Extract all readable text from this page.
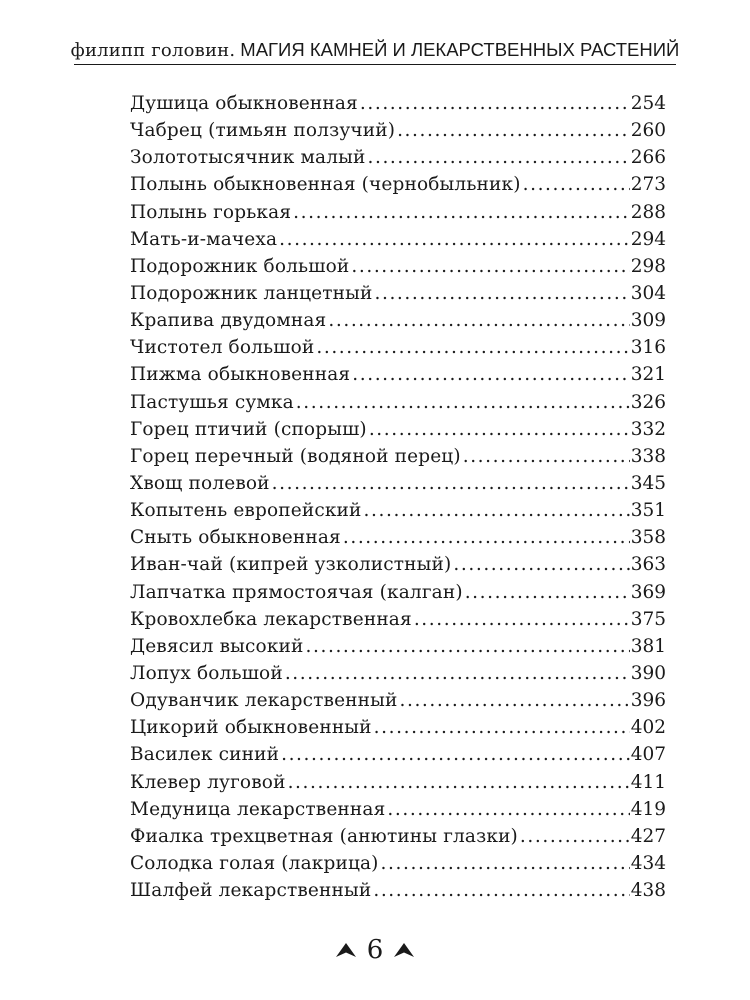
филипп головин. МАГИЯ КАМНЕЙ И ЛЕКАРСТВЕННЫХ РАСТЕНИЙ
Душица обыкновенная .....	254
Чабрец (тимьян ползучий) .....	260
Золототысячник малый .....	266
Полынь обыкновенная (чернобыльник) .....	273
Полынь горькая .....	288
Мать-и-мачеха .....	294
Подорожник большой .....	298
Подорожник ланцетный .....	304
Крапива двудомная .....	309
Чистотел большой .....	316
Пижма обыкновенная .....	321
Пастушья сумка .....	326
Горец птичий (спорыш) .....	332
Горец перечный (водяной перец) .....	338
Хвощ полевой .....	345
Копытень европейский .....	351
Сныть обыкновенная .....	358
Иван-чай (кипрей узколистный) .....	363
Лапчатка прямостоячая (калган) .....	369
Кровохлебка лекарственная .....	375
Девясил высокий .....	381
Лопух большой .....	390
Одуванчик лекарственный .....	396
Цикорий обыкновенный .....	402
Василек синий .....	407
Клевер луговой .....	411
Медуница лекарственная .....	419
Фиалка трехцветная (анютины глазки) .....	427
Солодка голая (лакрица) .....	434
Шалфей лекарственный .....	438
6
